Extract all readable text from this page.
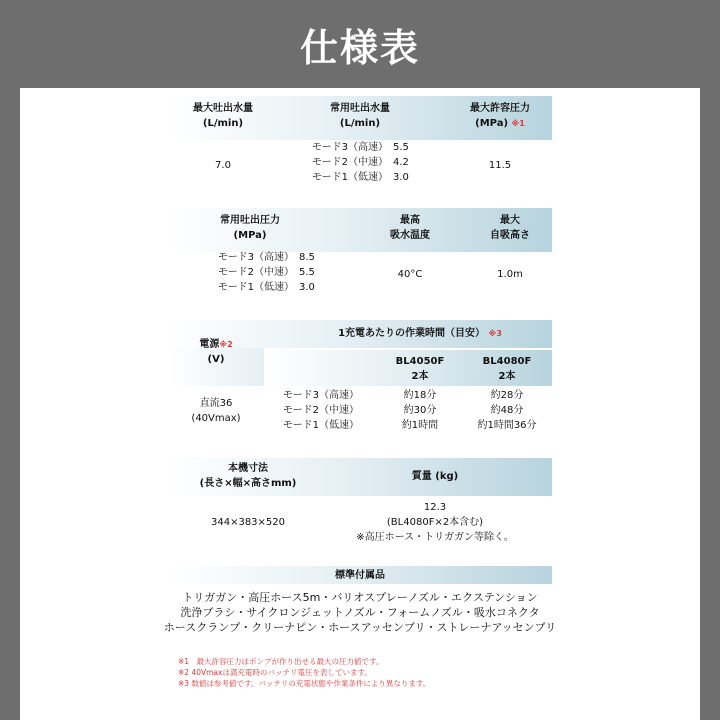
仕様表
最大吐出水量
(L/min)
常用吐出水量
(L/min)
最大許容圧力
(MPa) $^{※1}$
7.0
モード3（高速）
モード2（中速）
モード1（低速）
5.5
4.2
3.0
11.5
常用吐出圧力
(MPa)
最高
吸水温度
最大
自吸高さ
モード3（高速）
モード2（中速）
モード1（低速）
8.5
5.5
3.0
40°C	1.0m
電源$^{※2}$
(V)
1充電あたりの作業時間（目安） $^{※3}$
BL4050F
2本
BL4080F
2本
直流36
(40Vmax)
モード3（高速）
モード2（中速）
モード1（低速）
約18分
約30分
約1時間
約28分
約48分
約1時間36分
本機寸法
(長さ×幅×高さmm)
質量 (kg)
344×383×520
12.3
(BL4080F×2本含む)
※高圧ホース・トリガガン等除く。
標準付属品
トリガガン・高圧ホース5m・バリオスプレーノズル・エクステンション
洗浄ブラシ・サイクロンジェットノズル・フォームノズル・吸水コネクタ
ホースクランプ・クリーナピン・ホースアッセンブリ・ストレーナアッセンブリ
※1　最大許容圧力はポンプが作り出せる最大の圧力値です。
※2 40Vmaxは満充電時のバッテリ電圧を表しています。
※3 数値は参考値です。バッテリの充電状態や作業条件により異なります。
